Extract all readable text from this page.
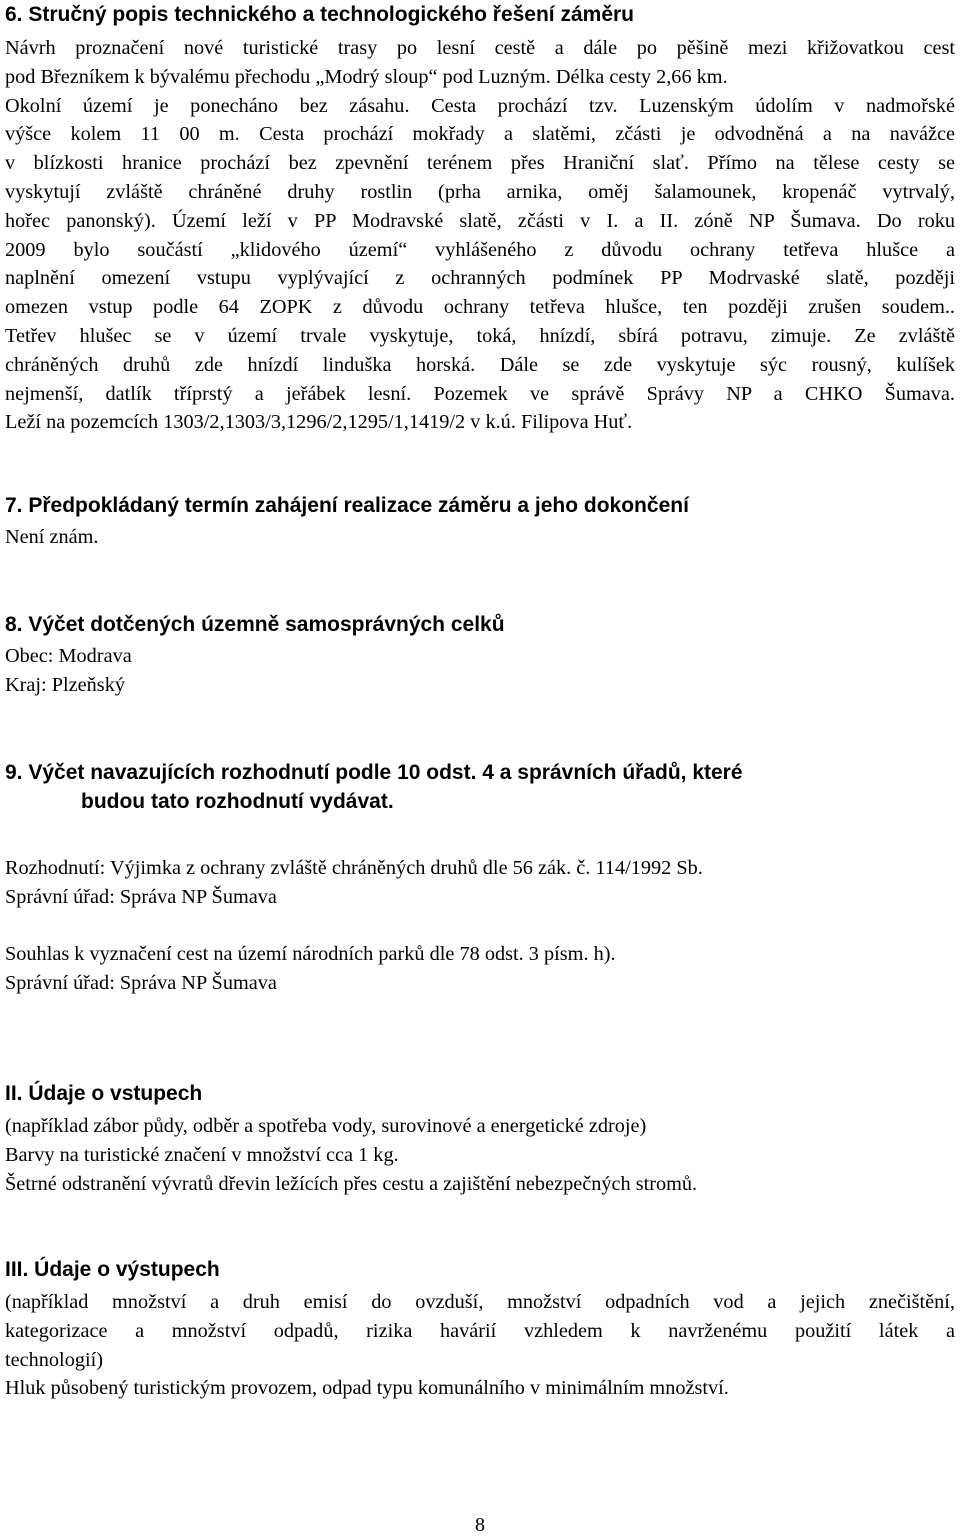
6. Stručný popis technického a technologického řešení záměru
Návrh proznačení nové turistické trasy po lesní cestě a dále po pěšině mezi křižovatkou cest
pod Březníkem k bývalému přechodu „Modrý sloup“ pod Luzným. Délka cesty 2,66 km.
Okolní území je ponecháno bez zásahu. Cesta prochází tzv. Luzenským údolím v nadmořské
výšce kolem 11 00 m. Cesta prochází mokřady a slatěmi, zčásti je odvodněná a na navážce
v blízkosti hranice prochází bez zpevnění terénem přes Hraniční slať. Přímo na tělese cesty se
vyskytují zvláště chráněné druhy rostlin (prha arnika, oměj šalamounek, kropenáč vytrvalý,
hořec panonský). Území leží v PP Modravské slatě, zčásti v I. a II. zóně NP Šumava. Do roku
2009 bylo součástí „klidového území“ vyhlášeného z důvodu ochrany tetřeva hlušce a
naplnění omezení vstupu vyplývající z ochranných podmínek PP Modrvaské slatě, později
omezen vstup podle 64 ZOPK z důvodu ochrany tetřeva hlušce, ten později zrušen soudem..
Tetřev hlušec se v území trvale vyskytuje, toká, hnízdí, sbírá potravu, zimuje. Ze zvláště
chráněných druhů zde hnízdí linduška horská. Dále se zde vyskytuje sýc rousný, kulíšek
nejmenší, datlík tříprstý a jeřábek lesní. Pozemek ve správě Správy NP a CHKO Šumava.
Leží na pozemcích 1303/2,1303/3,1296/2,1295/1,1419/2 v k.ú. Filipova Huť.
7. Předpokládaný termín zahájení realizace záměru a jeho dokončení
Není znám.
8. Výčet dotčených územně samosprávných celků
Obec: Modrava
Kraj: Plzeňský
9. Výčet navazujících rozhodnutí podle 10 odst. 4 a správních úřadů, které
budou tato rozhodnutí vydávat.
Rozhodnutí: Výjimka z ochrany zvláště chráněných druhů dle 56 zák. č. 114/1992 Sb.
Správní úřad: Správa NP Šumava
Souhlas k vyznačení cest na území národních parků dle 78 odst. 3 písm. h).
Správní úřad: Správa NP Šumava
II. Údaje o vstupech
(například zábor půdy, odběr a spotřeba vody, surovinové a energetické zdroje)
Barvy na turistické značení v množství cca 1 kg.
Šetrné odstranění vývratů dřevin ležících přes cestu a zajištění nebezpečných stromů.
III. Údaje o výstupech
(například množství a druh emisí do ovzduší, množství odpadních vod a jejich znečištění,
kategorizace a množství odpadů, rizika havárií vzhledem k navrženému použití látek a
technologií)
Hluk působený turistickým provozem, odpad typu komunálního v minimálním množství.
8
